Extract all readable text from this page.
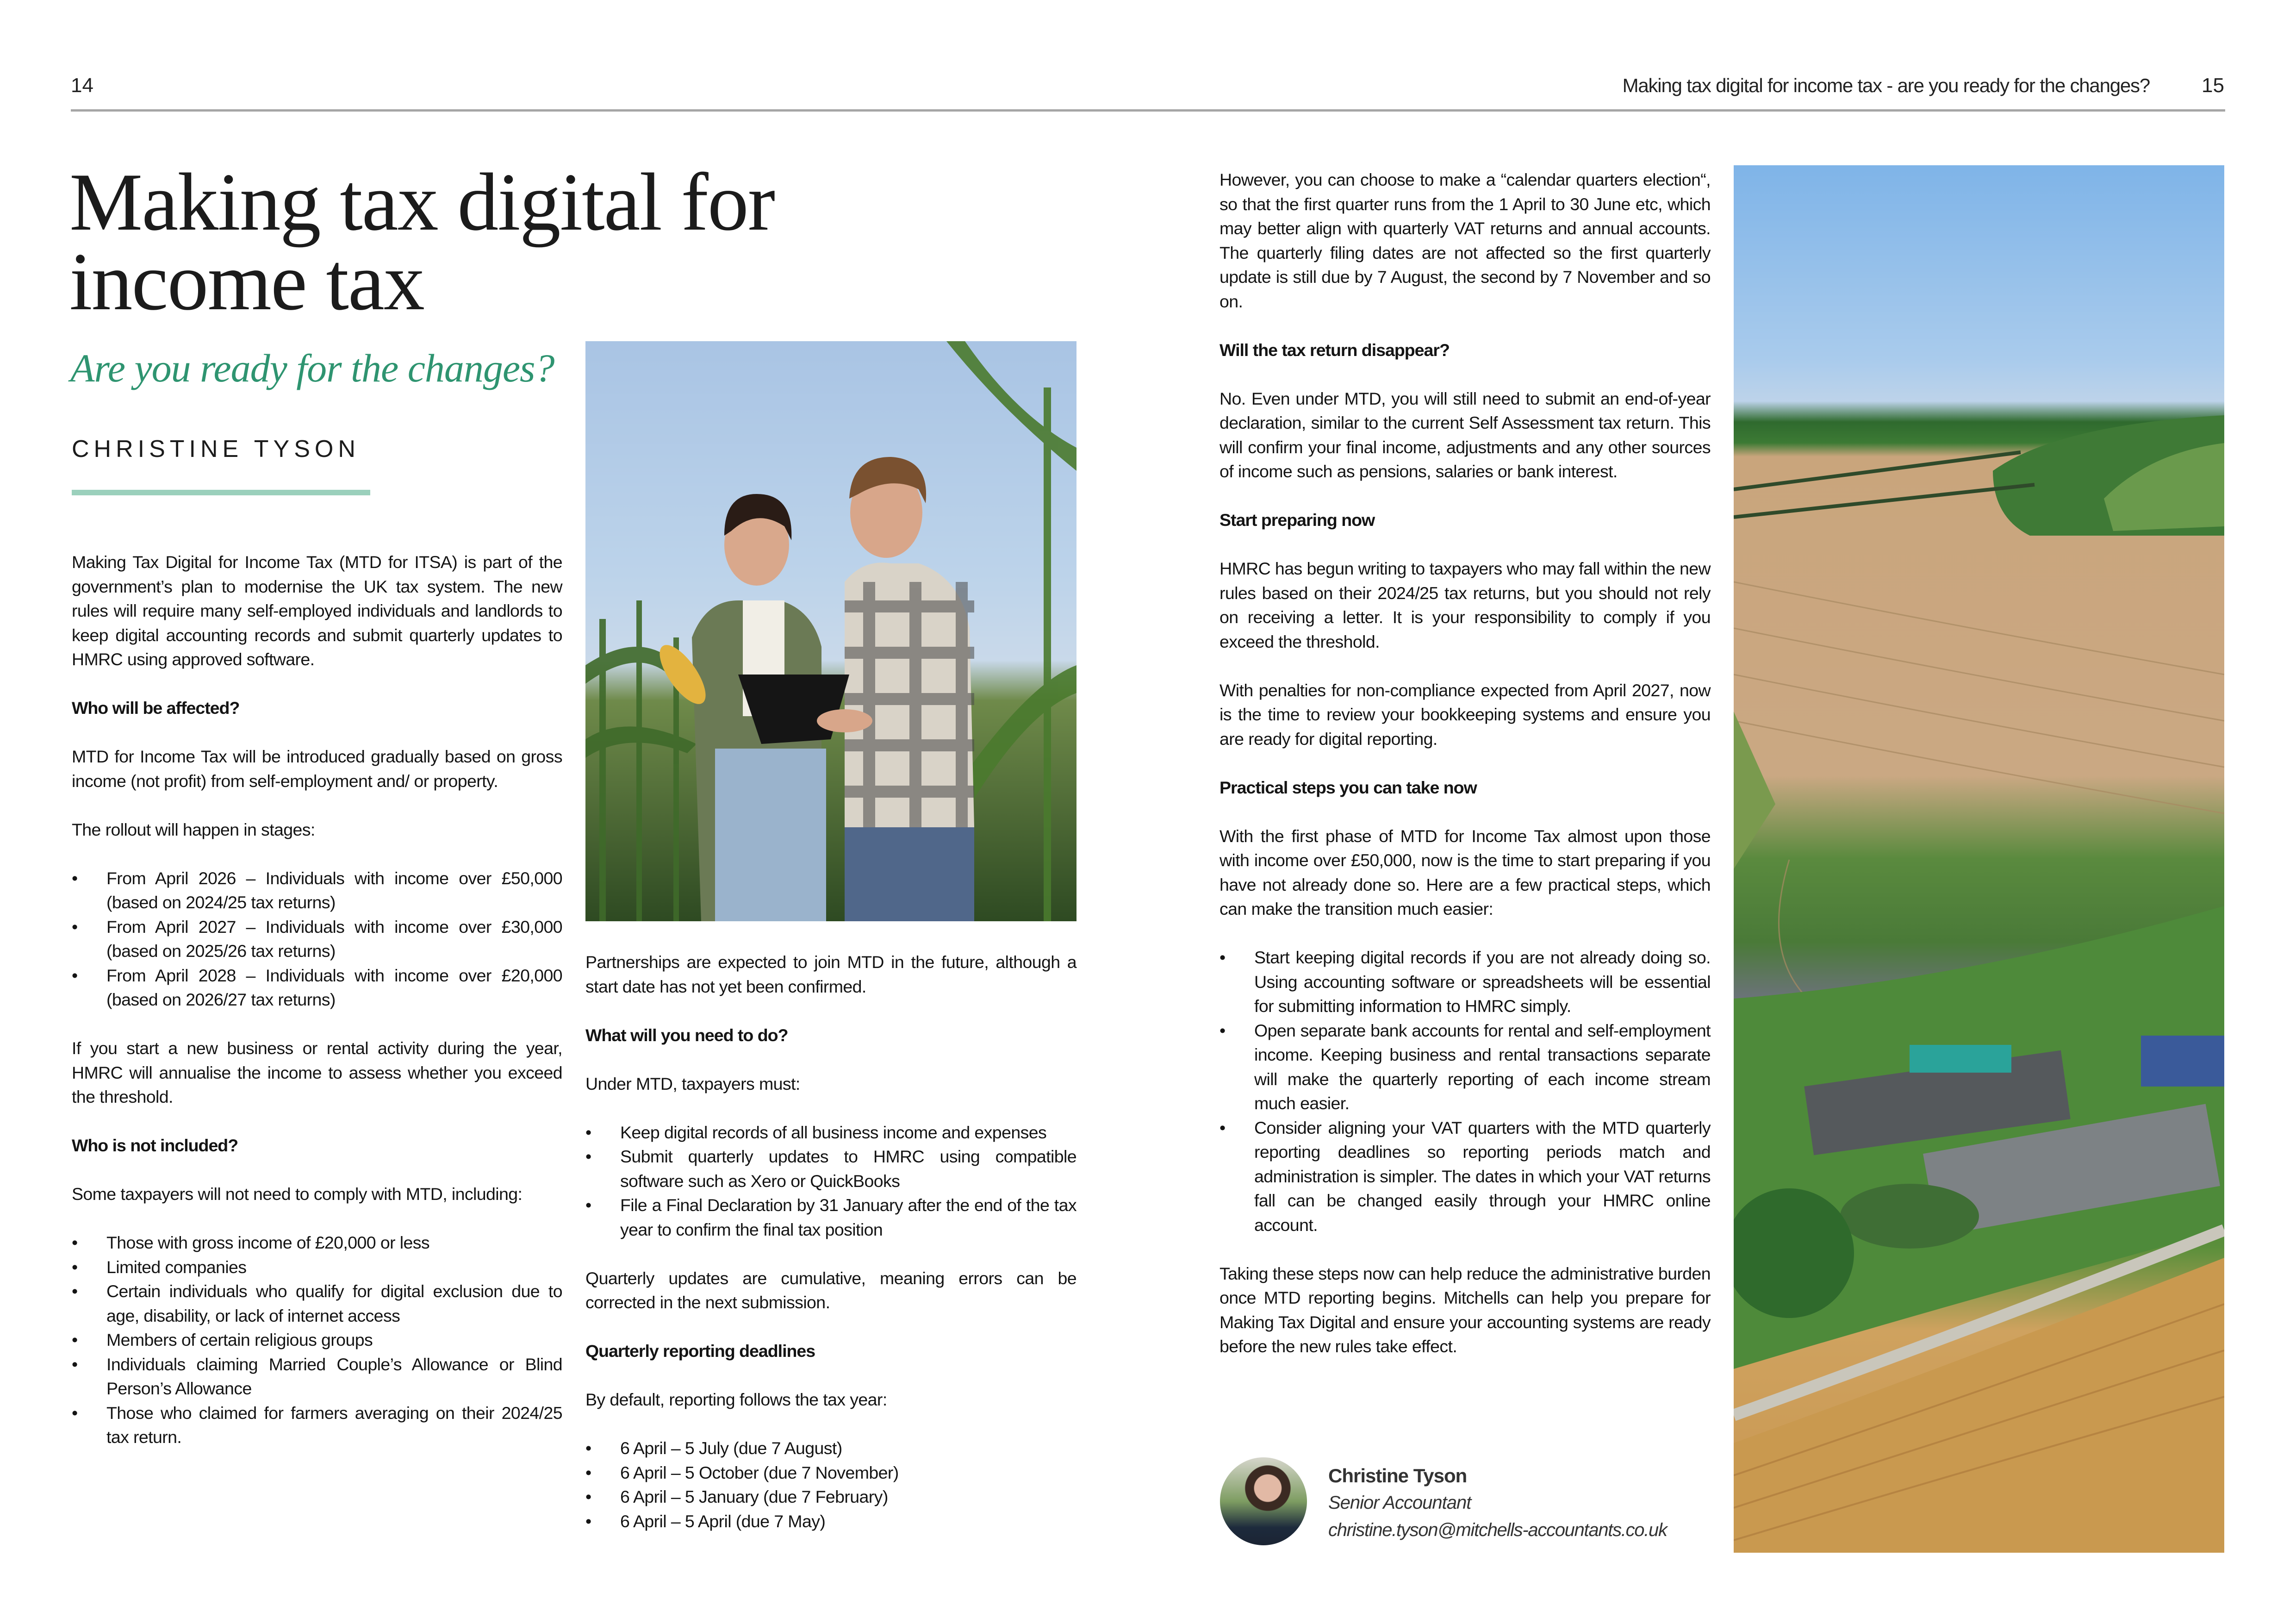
14	Making tax digital for income tax - are you ready for the changes?	15
Making tax digital for
income tax
Are you ready for the changes?
CHRISTINE TYSON

Making Tax Digital for Income Tax (MTD for ITSA) is part of the government’s plan to modernise the UK tax system. The new rules will require many self-employed individuals and landlords to keep digital accounting records and submit quarterly updates to HMRC using approved software.

Who will be affected?

MTD for Income Tax will be introduced gradually based on gross income (not profit) from self-employment and/ or property.

The rollout will happen in stages:

• From April 2026 – Individuals with income over £50,000 (based on 2024/25 tax returns)
• From April 2027 – Individuals with income over £30,000 (based on 2025/26 tax returns)
• From April 2028 – Individuals with income over £20,000 (based on 2026/27 tax returns)

If you start a new business or rental activity during the year, HMRC will annualise the income to assess whether you exceed the threshold.

Who is not included?

Some taxpayers will not need to comply with MTD, including:

• Those with gross income of £20,000 or less
• Limited companies
• Certain individuals who qualify for digital exclusion due to age, disability, or lack of internet access
• Members of certain religious groups
• Individuals claiming Married Couple’s Allowance or Blind Person’s Allowance
• Those who claimed for farmers averaging on their 2024/25 tax return.

Partnerships are expected to join MTD in the future, although a start date has not yet been confirmed.

What will you need to do?

Under MTD, taxpayers must:

• Keep digital records of all business income and expenses
• Submit quarterly updates to HMRC using compatible software such as Xero or QuickBooks
• File a Final Declaration by 31 January after the end of the tax year to confirm the final tax position

Quarterly updates are cumulative, meaning errors can be corrected in the next submission.

Quarterly reporting deadlines

By default, reporting follows the tax year:

• 6 April – 5 July (due 7 August)
• 6 April – 5 October (due 7 November)
• 6 April – 5 January (due 7 February)
• 6 April – 5 April (due 7 May)

However, you can choose to make a “calendar quarters election“, so that the first quarter runs from the 1 April to 30 June etc, which may better align with quarterly VAT returns and annual accounts. The quarterly filing dates are not affected so the first quarterly update is still due by 7 August, the second by 7 November and so on.

Will the tax return disappear?

No. Even under MTD, you will still need to submit an end-of-year declaration, similar to the current Self Assessment tax return. This will confirm your final income, adjustments and any other sources of income such as pensions, salaries or bank interest.

Start preparing now

HMRC has begun writing to taxpayers who may fall within the new rules based on their 2024/25 tax returns, but you should not rely on receiving a letter. It is your responsibility to comply if you exceed the threshold.

With penalties for non-compliance expected from April 2027, now is the time to review your bookkeeping systems and ensure you are ready for digital reporting.

Practical steps you can take now

With the first phase of MTD for Income Tax almost upon those with income over £50,000, now is the time to start preparing if you have not already done so. Here are a few practical steps, which can make the transition much easier:

• Start keeping digital records if you are not already doing so. Using accounting software or spreadsheets will be essential for submitting information to HMRC simply.
• Open separate bank accounts for rental and self-employment income. Keeping business and rental transactions separate will make the quarterly reporting of each income stream much easier.
• Consider aligning your VAT quarters with the MTD quarterly reporting deadlines so reporting periods match and administration is simpler. The dates in which your VAT returns fall can be changed easily through your HMRC online account.

Taking these steps now can help reduce the administrative burden once MTD reporting begins. Mitchells can help you prepare for Making Tax Digital and ensure your accounting systems are ready before the new rules take effect.

Christine Tyson
Senior Accountant
christine.tyson@mitchells-accountants.co.uk
